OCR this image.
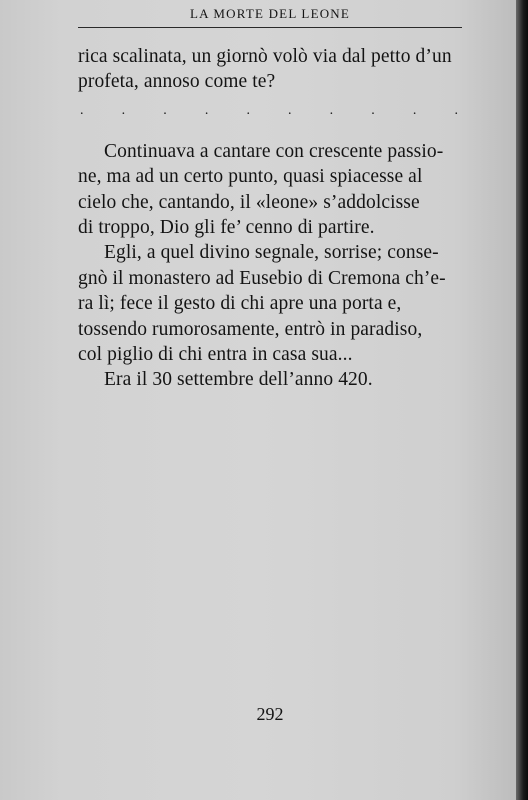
LA MORTE DEL LEONE
rica scalinata, un giornò volò via dal petto d’un
profeta, annoso come te?
.	.	.	.	.	.	.	.	.	.
Continuava a cantare con crescente passio-
ne, ma ad un certo punto, quasi spiacesse al
cielo che, cantando, il «leone» s’addolcisse
di troppo, Dio gli fe’ cenno di partire.
Egli, a quel divino segnale, sorrise; conse-
gnò il monastero ad Eusebio di Cremona ch’e-
ra lì; fece il gesto di chi apre una porta e,
tossendo rumorosamente, entrò in paradiso,
col piglio di chi entra in casa sua...
Era il 30 settembre dell’anno 420.
292
